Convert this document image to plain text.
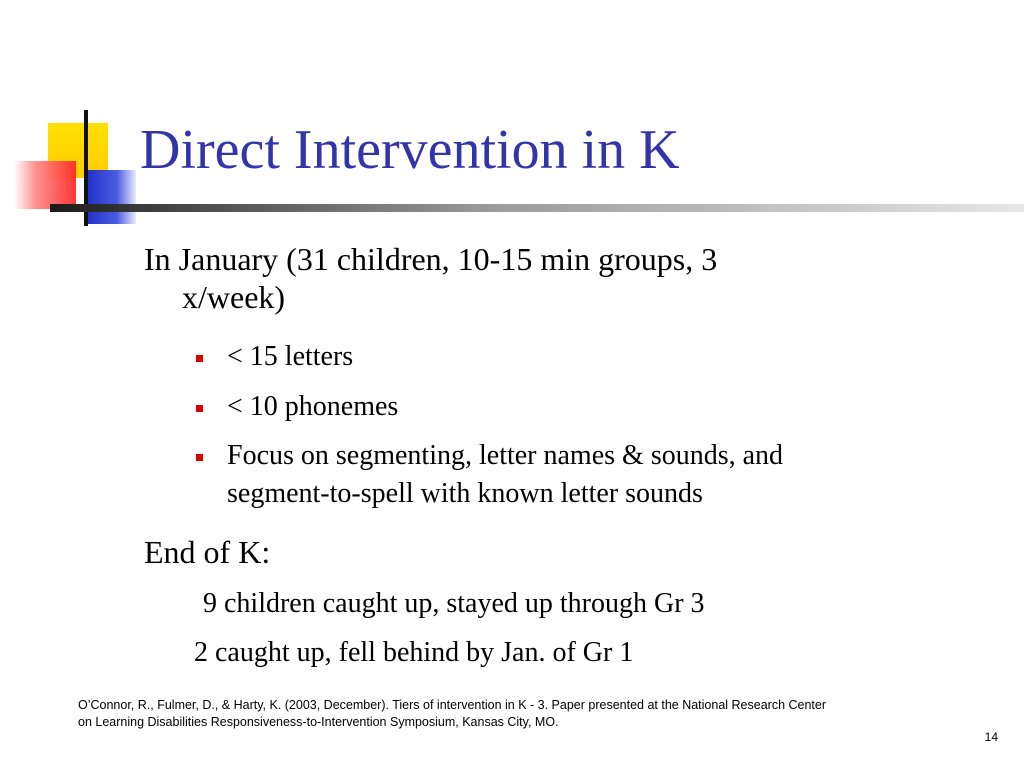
Direct Intervention in K
In January (31 children, 10-15 min groups, 3
x/week)
< 15 letters
< 10 phonemes
Focus on segmenting, letter names & sounds, and
segment-to-spell with known letter sounds
End of K:
9 children caught up, stayed up through Gr 3
2 caught up, fell behind by Jan. of Gr 1
O’Connor, R., Fulmer, D., & Harty, K. (2003, December). Tiers of intervention in K - 3. Paper presented at the National Research Center
on Learning Disabilities Responsiveness-to-Intervention Symposium, Kansas City, MO.
14
